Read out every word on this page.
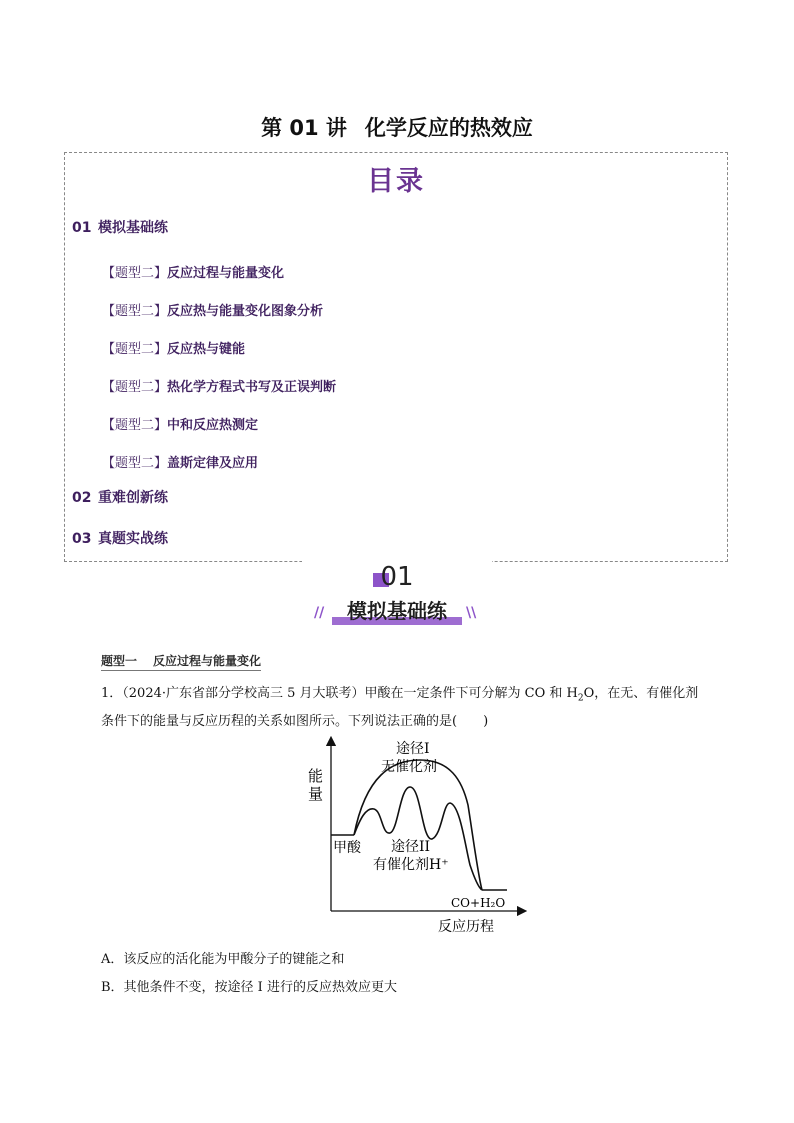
第 01 讲 化学反应的热效应
目录
01 模拟基础练
【题型二】反应过程与能量变化
【题型二】反应热与能量变化图象分析
【题型二】反应热与键能
【题型二】热化学方程式书写及正误判断
【题型二】中和反应热测定
【题型二】盖斯定律及应用
02 重难创新练
03 真题实战练
01
模拟基础练
//	\\
题型一 反应过程与能量变化
1．（2024·广东省部分学校高三 5 月大联考）甲酸在一定条件下可分解为 CO 和 $H_2O$，在无、有催化剂
条件下的能量与反应历程的关系如图所示。下列说法正确的是(　　)
能
量
途径I
无催化剂
甲酸 途径II
有催化剂H⁺
CO+H₂O
反应历程
A．该反应的活化能为甲酸分子的键能之和
B．其他条件不变，按途径 I 进行的反应热效应更大
